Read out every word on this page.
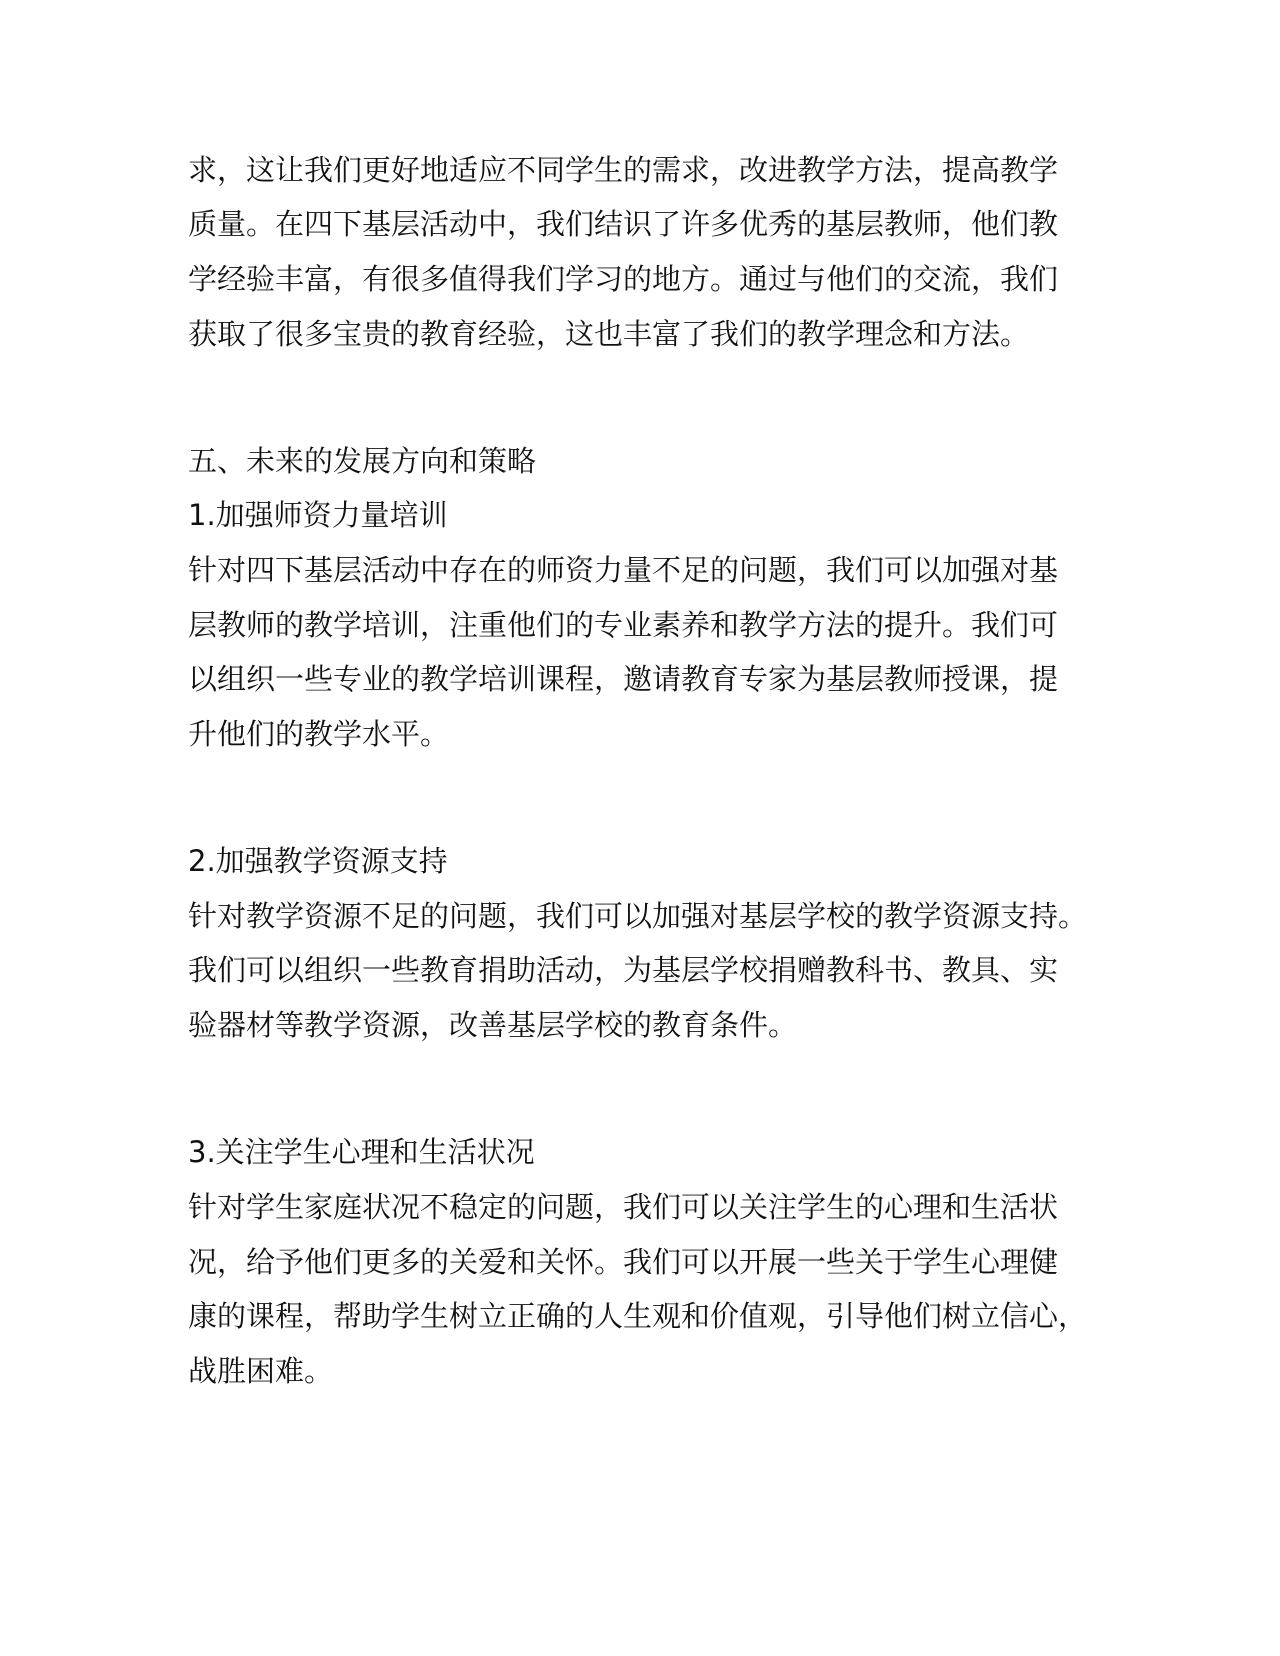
求，这让我们更好地适应不同学生的需求，改进教学方法，提高教学
质量。在四下基层活动中，我们结识了许多优秀的基层教师，他们教
学经验丰富，有很多值得我们学习的地方。通过与他们的交流，我们
获取了很多宝贵的教育经验，这也丰富了我们的教学理念和方法。
五、未来的发展方向和策略
1.加强师资力量培训
针对四下基层活动中存在的师资力量不足的问题，我们可以加强对基
层教师的教学培训，注重他们的专业素养和教学方法的提升。我们可
以组织一些专业的教学培训课程，邀请教育专家为基层教师授课，提
升他们的教学水平。
2.加强教学资源支持
针对教学资源不足的问题，我们可以加强对基层学校的教学资源支持。
我们可以组织一些教育捐助活动，为基层学校捐赠教科书、教具、实
验器材等教学资源，改善基层学校的教育条件。
3.关注学生心理和生活状况
针对学生家庭状况不稳定的问题，我们可以关注学生的心理和生活状
况，给予他们更多的关爱和关怀。我们可以开展一些关于学生心理健
康的课程，帮助学生树立正确的人生观和价值观，引导他们树立信心，
战胜困难。
